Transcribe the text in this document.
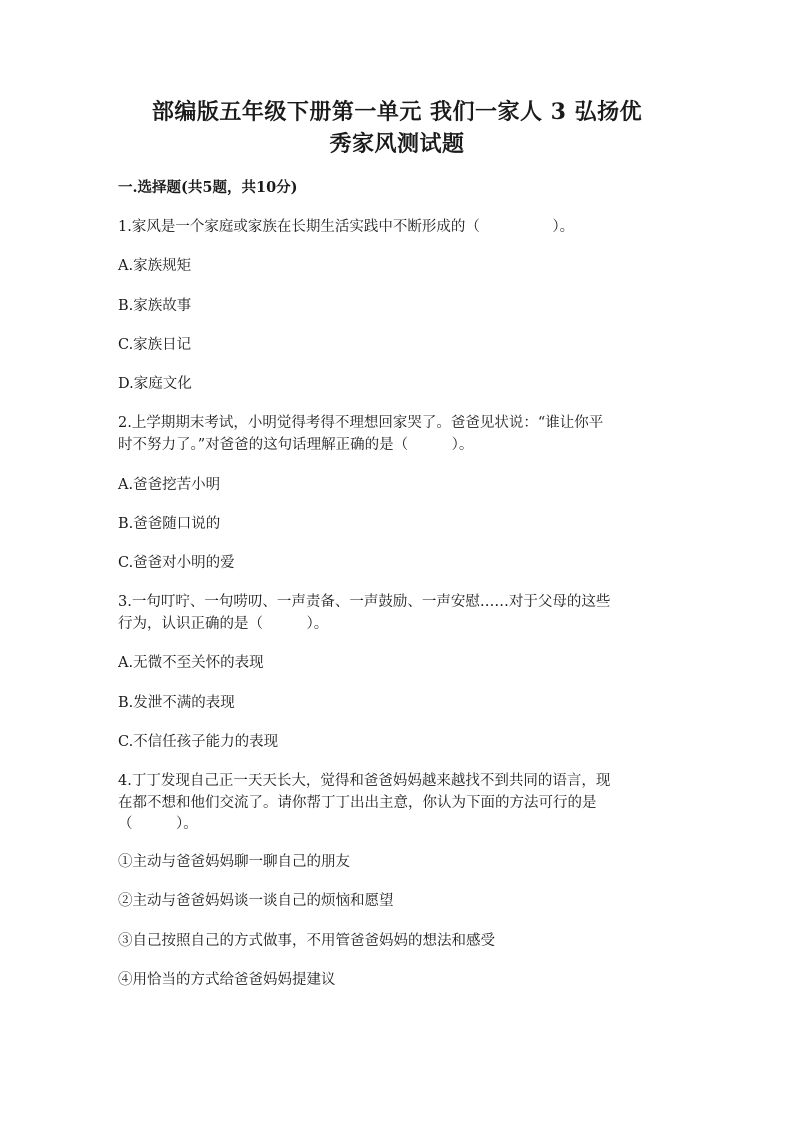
部编版五年级下册第一单元 我们一家人 3 弘扬优
秀家风测试题
一.选择题(共5题，共10分)
1.家风是一个家庭或家族在长期生活实践中不断形成的（　　　　　）。
A.家族规矩
B.家族故事
C.家族日记
D.家庭文化
2.上学期期末考试，小明觉得考得不理想回家哭了。爸爸见状说：“谁让你平
时不努力了。”对爸爸的这句话理解正确的是（　　　）。
A.爸爸挖苦小明
B.爸爸随口说的
C.爸爸对小明的爱
3.一句叮咛、一句唠叨、一声责备、一声鼓励、一声安慰……对于父母的这些
行为，认识正确的是（　　　）。
A.无微不至关怀的表现
B.发泄不满的表现
C.不信任孩子能力的表现
4.丁丁发现自己正一天天长大，觉得和爸爸妈妈越来越找不到共同的语言，现
在都不想和他们交流了。请你帮丁丁出出主意，你认为下面的方法可行的是
（　　　）。
①主动与爸爸妈妈聊一聊自己的朋友
②主动与爸爸妈妈谈一谈自己的烦恼和愿望
③自己按照自己的方式做事，不用管爸爸妈妈的想法和感受
④用恰当的方式给爸爸妈妈提建议
